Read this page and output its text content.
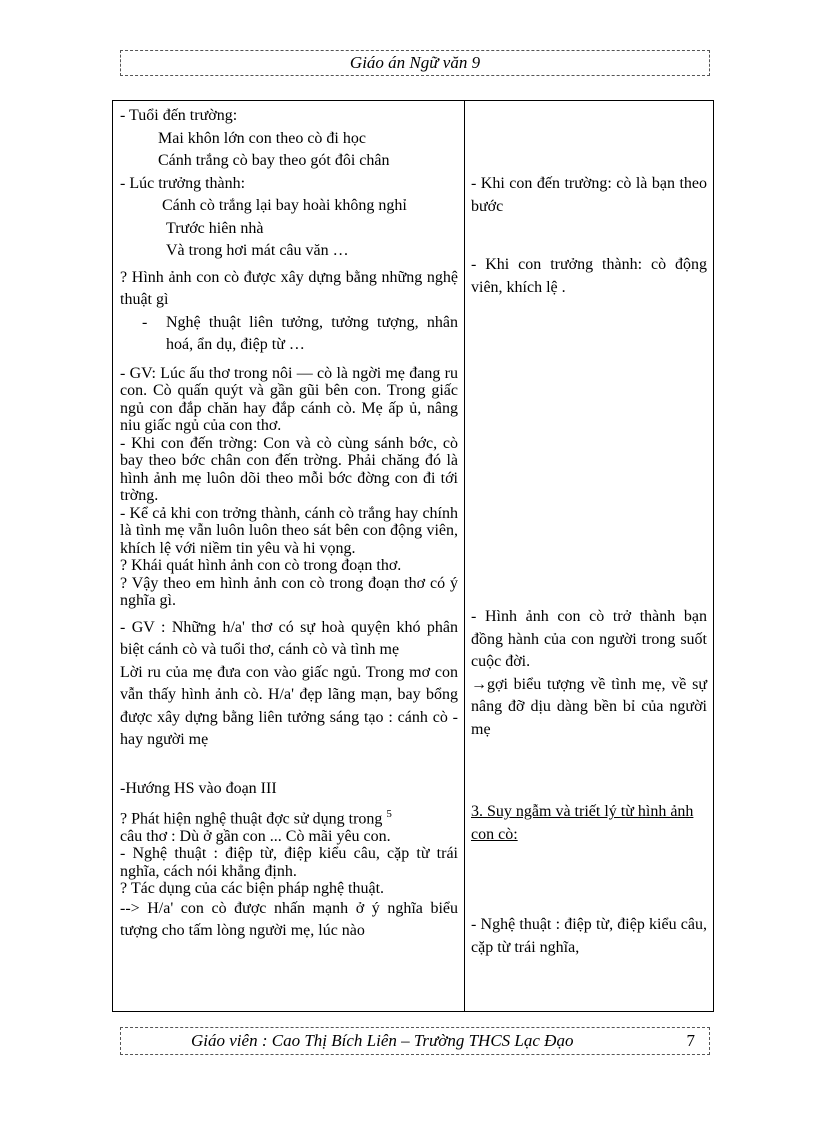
Giáo án Ngữ văn 9

- Tuổi đến trường:

Mai khôn lớn con theo cò đi học

Cánh trắng cò bay theo gót đôi chân

- Lúc trưởng thành:

Cánh cò trắng lại bay hoài không nghỉ

Trước hiên nhà

Và trong hơi mát câu văn …

? Hình ảnh con cò được xây dựng bằng những nghệ thuật gì

-	Nghệ thuật liên tưởng, tưởng tượng, nhân hoá, ẩn dụ, điệp từ …

- GV: Lúc ấu thơ trong nôi — cò là ngời mẹ đang ru con. Cò quấn quýt và gần gũi bên con. Trong giấc ngủ con đắp chăn hay đắp cánh cò. Mẹ ấp ủ, nâng niu giấc ngủ của con thơ.

- Khi con đến trờng: Con và cò cùng sánh bớc, cò bay theo bớc chân con đến trờng. Phải chăng đó là hình ảnh mẹ luôn dõi theo mỗi bớc đờng con đi tới trờng.

- Kể cả khi con trởng thành, cánh cò trắng hay chính là tình mẹ vẫn luôn luôn theo sát bên con động viên, khích lệ với niềm tin yêu và hi vọng.

? Khái quát hình ảnh con cò trong đoạn thơ.

? Vậy theo em hình ảnh con cò trong đoạn thơ có ý nghĩa gì.

- GV : Những h/a' thơ có sự hoà quyện khó phân biệt cánh cò và tuổi thơ, cánh cò và tình mẹ

Lời ru của mẹ đưa con vào giấc ngủ. Trong mơ con vẫn thấy hình ảnh cò. H/a' đẹp lãng mạn, bay bổng được xây dựng bằng liên tưởng sáng tạo : cánh cò - hay người mẹ

-Hướng HS vào đoạn III

? Phát hiện nghệ thuật đợc sử dụng trong $^5$

câu thơ : Dù ở gần con ... Cò mãi yêu con.

- Nghệ thuật : điệp từ, điệp kiểu câu, cặp từ trái nghĩa, cách nói khẳng định.

? Tác dụng của các biện pháp nghệ thuật.

--> H/a' con cò được nhấn mạnh ở ý nghĩa biểu tượng cho tấm lòng người mẹ, lúc nào

- Khi con đến trường: cò là bạn theo bước

- Khi con trưởng thành: cò động viên, khích lệ .

- Hình ảnh con cò trở thành bạn đồng hành của con người trong suốt cuộc đời.

→gợi biểu tượng về tình mẹ, về sự nâng đỡ dịu dàng bền bỉ của người mẹ

3. Suy ngẫm và triết lý từ hình ảnh con cò:

- Nghệ thuật : điệp từ, điệp kiểu câu, cặp từ trái nghĩa,

Giáo viên : Cao Thị Bích Liên – Trường THCS Lạc Đạo	7
